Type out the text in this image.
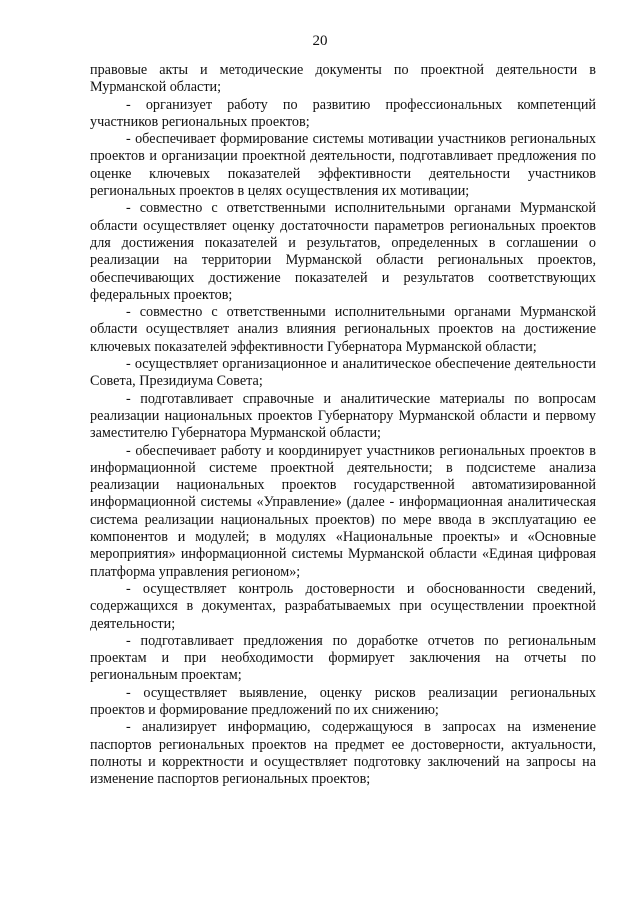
20

правовые акты и методические документы по проектной деятельности в Мурманской области;

- организует работу по развитию профессиональных компетенций участников региональных проектов;

- обеспечивает формирование системы мотивации участников региональных проектов и организации проектной деятельности, подготавливает предложения по оценке ключевых показателей эффективности деятельности участников региональных проектов в целях осуществления их мотивации;

- совместно с ответственными исполнительными органами Мурманской области осуществляет оценку достаточности параметров региональных проектов для достижения показателей и результатов, определенных в соглашении о реализации на территории Мурманской области региональных проектов, обеспечивающих достижение показателей и результатов соответствующих федеральных проектов;

- совместно с ответственными исполнительными органами Мурманской области осуществляет анализ влияния региональных проектов на достижение ключевых показателей эффективности Губернатора Мурманской области;

- осуществляет организационное и аналитическое обеспечение деятельности Совета, Президиума Совета;

- подготавливает справочные и аналитические материалы по вопросам реализации национальных проектов Губернатору Мурманской области и первому заместителю Губернатора Мурманской области;

- обеспечивает работу и координирует участников региональных проектов в информационной системе проектной деятельности; в подсистеме анализа реализации национальных проектов государственной автоматизированной информационной системы «Управление» (далее - информационная аналитическая система реализации национальных проектов) по мере ввода в эксплуатацию ее компонентов и модулей; в модулях «Национальные проекты» и «Основные мероприятия» информационной системы Мурманской области «Единая цифровая платформа управления регионом»;

- осуществляет контроль достоверности и обоснованности сведений, содержащихся в документах, разрабатываемых при осуществлении проектной деятельности;

- подготавливает предложения по доработке отчетов по региональным проектам и при необходимости формирует заключения на отчеты по региональным проектам;

- осуществляет выявление, оценку рисков реализации региональных проектов и формирование предложений по их снижению;

- анализирует информацию, содержащуюся в запросах на изменение паспортов региональных проектов на предмет ее достоверности, актуальности, полноты и корректности и осуществляет подготовку заключений на запросы на изменение паспортов региональных проектов;
